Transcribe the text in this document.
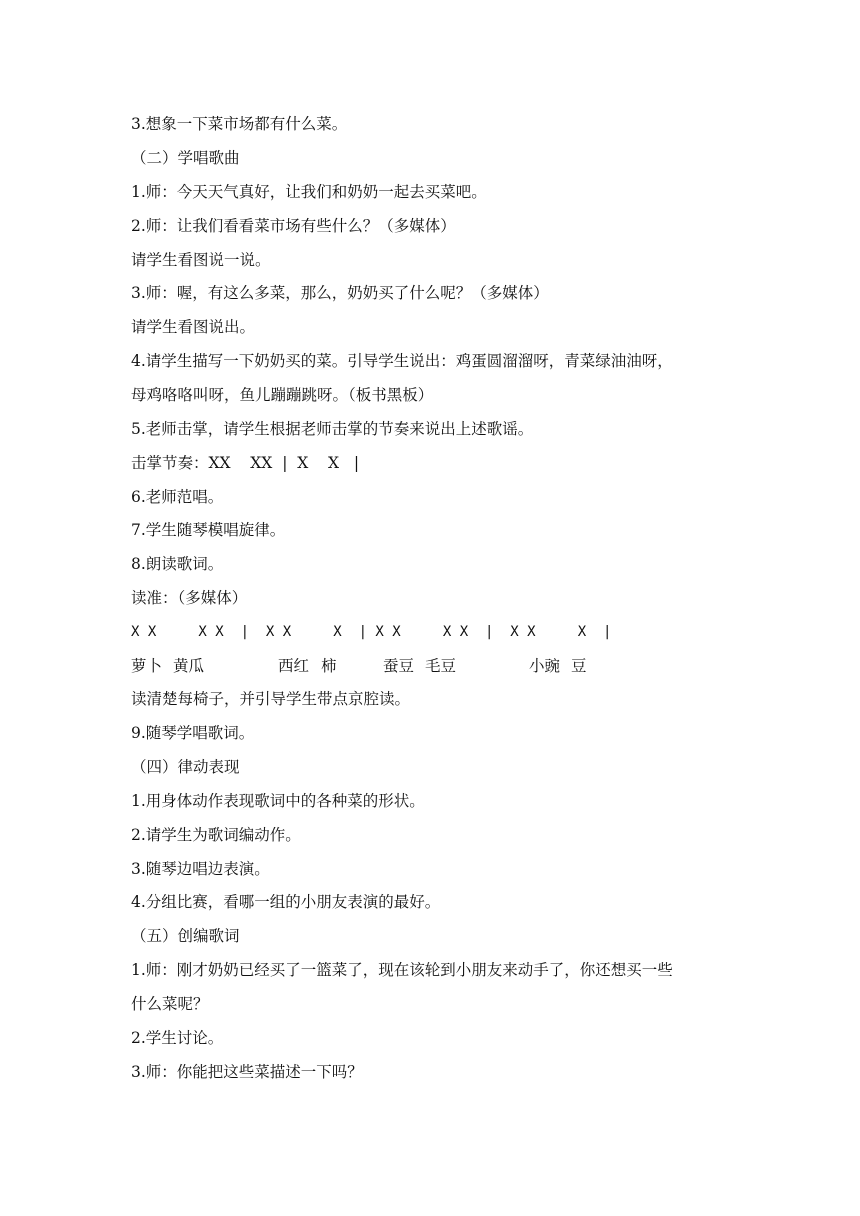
3.想象一下菜市场都有什么菜。
（二）学唱歌曲
1.师：今天天气真好，让我们和奶奶一起去买菜吧。
2.师：让我们看看菜市场有些什么？（多媒体）
请学生看图说一说。
3.师：喔，有这么多菜，那么，奶奶买了什么呢？（多媒体）
请学生看图说出。
4.请学生描写一下奶奶买的菜。引导学生说出：鸡蛋圆溜溜呀，青菜绿油油呀，
母鸡咯咯叫呀，鱼儿蹦蹦跳呀。（板书黑板）
5.老师击掌，请学生根据老师击掌的节奏来说出上述歌谣。
击掌节奏：XX    XX  |  X    X   |
6.老师范唱。
7.学生随琴模唱旋律。
8.朗读歌词。
读准：（多媒体）
X X     X X  |  X X     X  | X X     X X  |  X X     X  |
萝卜 黄瓜	西红 柿	蚕豆 毛豆	小豌 豆
读清楚每椅子，并引导学生带点京腔读。
9.随琴学唱歌词。
（四）律动表现
1.用身体动作表现歌词中的各种菜的形状。
2.请学生为歌词编动作。
3.随琴边唱边表演。
4.分组比赛，看哪一组的小朋友表演的最好。
（五）创编歌词
1.师：刚才奶奶已经买了一篮菜了，现在该轮到小朋友来动手了，你还想买一些
什么菜呢？
2.学生讨论。
3.师：你能把这些菜描述一下吗？
